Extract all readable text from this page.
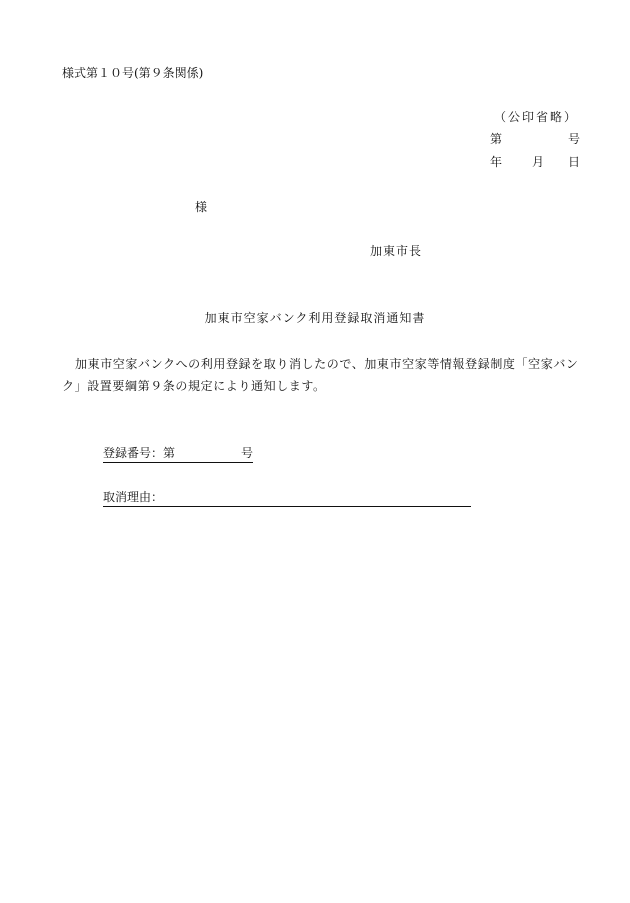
様式第１０号(第９条関係)
（公印省略）
第	号
年 月 日
様
加東市長
加東市空家バンク利用登録取消通知書
加東市空家バンクへの利用登録を取り消したので、加東市空家等情報登録制度「空家バンク」設置要綱第９条の規定により通知します。
登録番号：第	号
取消理由：
